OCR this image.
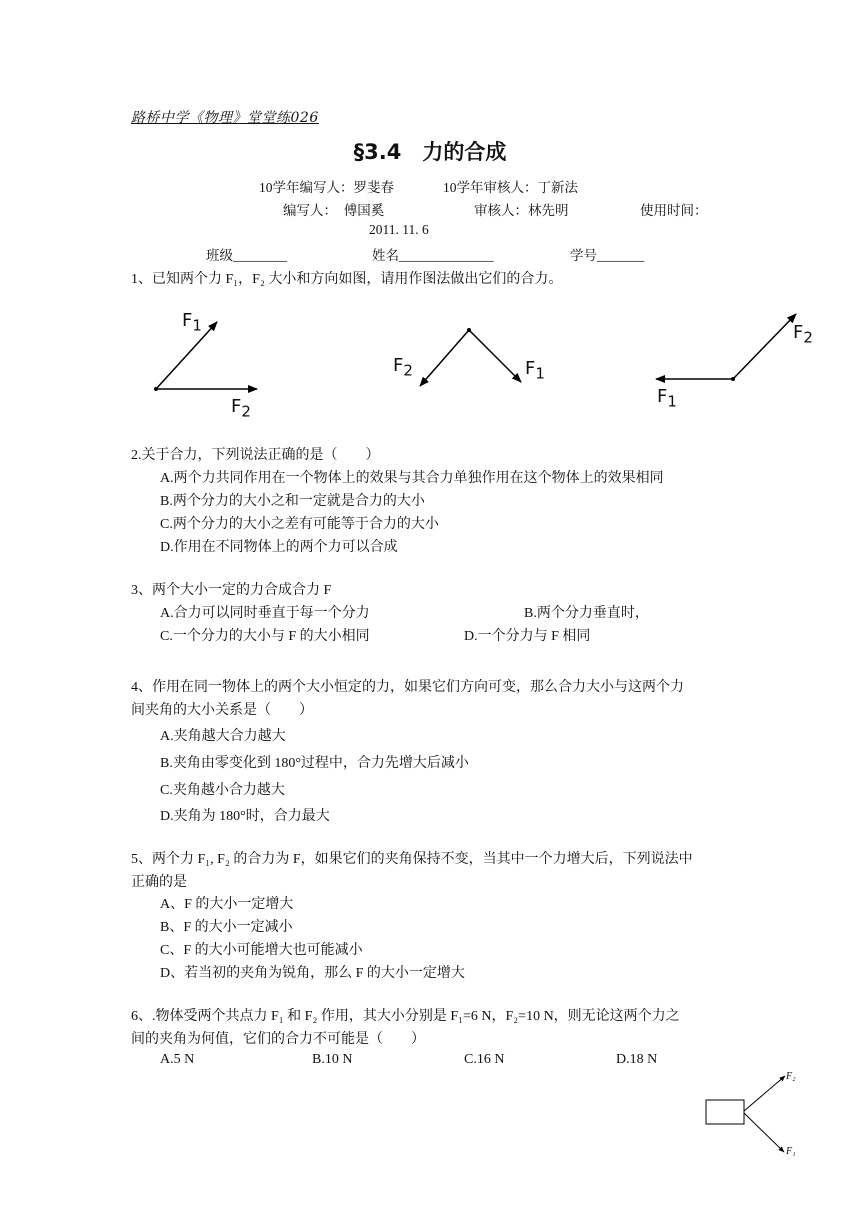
路桥中学《物理》堂堂练026
§3.4　力的合成
10学年编写人：罗斐春	10学年审核人：丁新法
编写人：　傅国奚	审核人：林先明	使用时间：
2011. 11. 6
班级________	姓名______________	学号_______
1、已知两个力 F₁，F₂ 大小和方向如图，请用作图法做出它们的合力。
$F_1$
$F_2$
$F_2$	$F_1$
$F_2$
$F_1$
2.关于合力，下列说法正确的是（　　）
A.两个力共同作用在一个物体上的效果与其合力单独作用在这个物体上的效果相同
B.两个分力的大小之和一定就是合力的大小
C.两个分力的大小之差有可能等于合力的大小
D.作用在不同物体上的两个力可以合成
3、两个大小一定的力合成合力 F
A.合力可以同时垂直于每一个分力	B.两个分力垂直时，
C.一个分力的大小与 F 的大小相同	D.一个分力与 F 相同
4、作用在同一物体上的两个大小恒定的力，如果它们方向可变，那么合力大小与这两个力
间夹角的大小关系是（　　）
A.夹角越大合力越大
B.夹角由零变化到 180°过程中，合力先增大后减小
C.夹角越小合力越大
D.夹角为 180°时，合力最大
5、两个力 F₁, F₂ 的合力为 F，如果它们的夹角保持不变，当其中一个力增大后，下列说法中
正确的是
A、F 的大小一定增大
B、F 的大小一定减小
C、F 的大小可能增大也可能减小
D、若当初的夹角为锐角，那么 F 的大小一定增大
6、.物体受两个共点力 F₁ 和 F₂ 作用，其大小分别是 F₁=6 N，F₂=10 N，则无论这两个力之
间的夹角为何值，它们的合力不可能是（　　）
A.5 N	B.10 N	C.16 N	D.18 N
F₂
F₁
